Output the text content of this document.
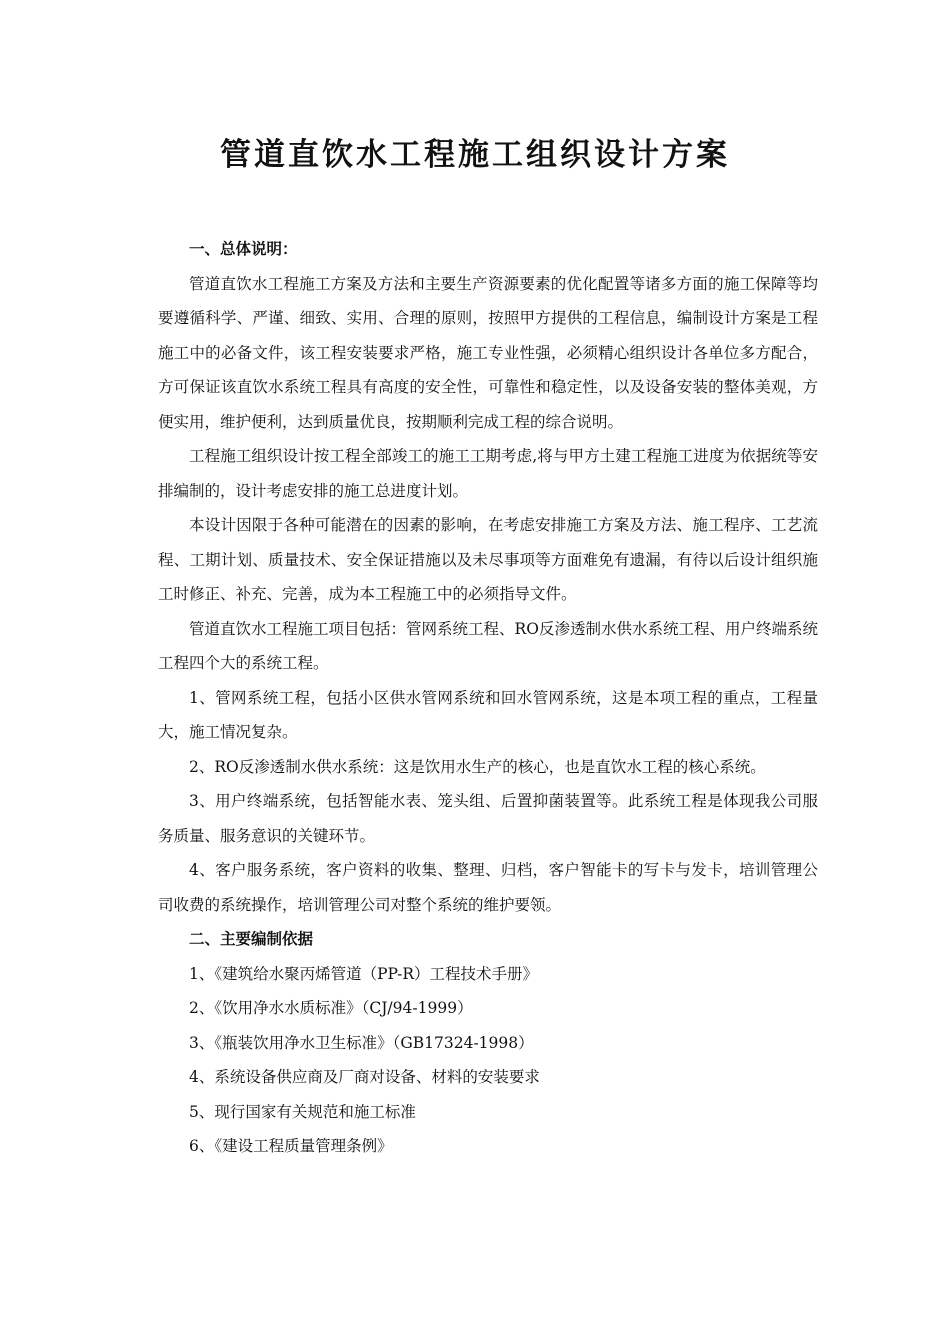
管道直饮水工程施工组织设计方案

一、总体说明：

管道直饮水工程施工方案及方法和主要生产资源要素的优化配置等诸多方面的施工保障等均要遵循科学、严谨、细致、实用、合理的原则，按照甲方提供的工程信息，编制设计方案是工程施工中的必备文件，该工程安装要求严格，施工专业性强，必须精心组织设计各单位多方配合，方可保证该直饮水系统工程具有高度的安全性，可靠性和稳定性，以及设备安装的整体美观，方便实用，维护便利，达到质量优良，按期顺利完成工程的综合说明。

工程施工组织设计按工程全部竣工的施工工期考虑,将与甲方土建工程施工进度为依据统等安排编制的，设计考虑安排的施工总进度计划。

本设计因限于各种可能潜在的因素的影响，在考虑安排施工方案及方法、施工程序、工艺流程、工期计划、质量技术、安全保证措施以及未尽事项等方面难免有遗漏，有待以后设计组织施工时修正、补充、完善，成为本工程施工中的必须指导文件。

管道直饮水工程施工项目包括：管网系统工程、RO反渗透制水供水系统工程、用户终端系统工程四个大的系统工程。

1、管网系统工程，包括小区供水管网系统和回水管网系统，这是本项工程的重点，工程量大，施工情况复杂。

2、RO反渗透制水供水系统：这是饮用水生产的核心，也是直饮水工程的核心系统。

3、用户终端系统，包括智能水表、笼头组、后置抑菌装置等。此系统工程是体现我公司服务质量、服务意识的关键环节。

4、客户服务系统，客户资料的收集、整理、归档，客户智能卡的写卡与发卡，培训管理公司收费的系统操作，培训管理公司对整个系统的维护要领。

二、主要编制依据

1、《建筑给水聚丙烯管道（PP-R）工程技术手册》

2、《饮用净水水质标准》（CJ/94-1999）

3、《瓶装饮用净水卫生标准》（GB17324-1998）

4、系统设备供应商及厂商对设备、材料的安装要求

5、现行国家有关规范和施工标准

6、《建设工程质量管理条例》
